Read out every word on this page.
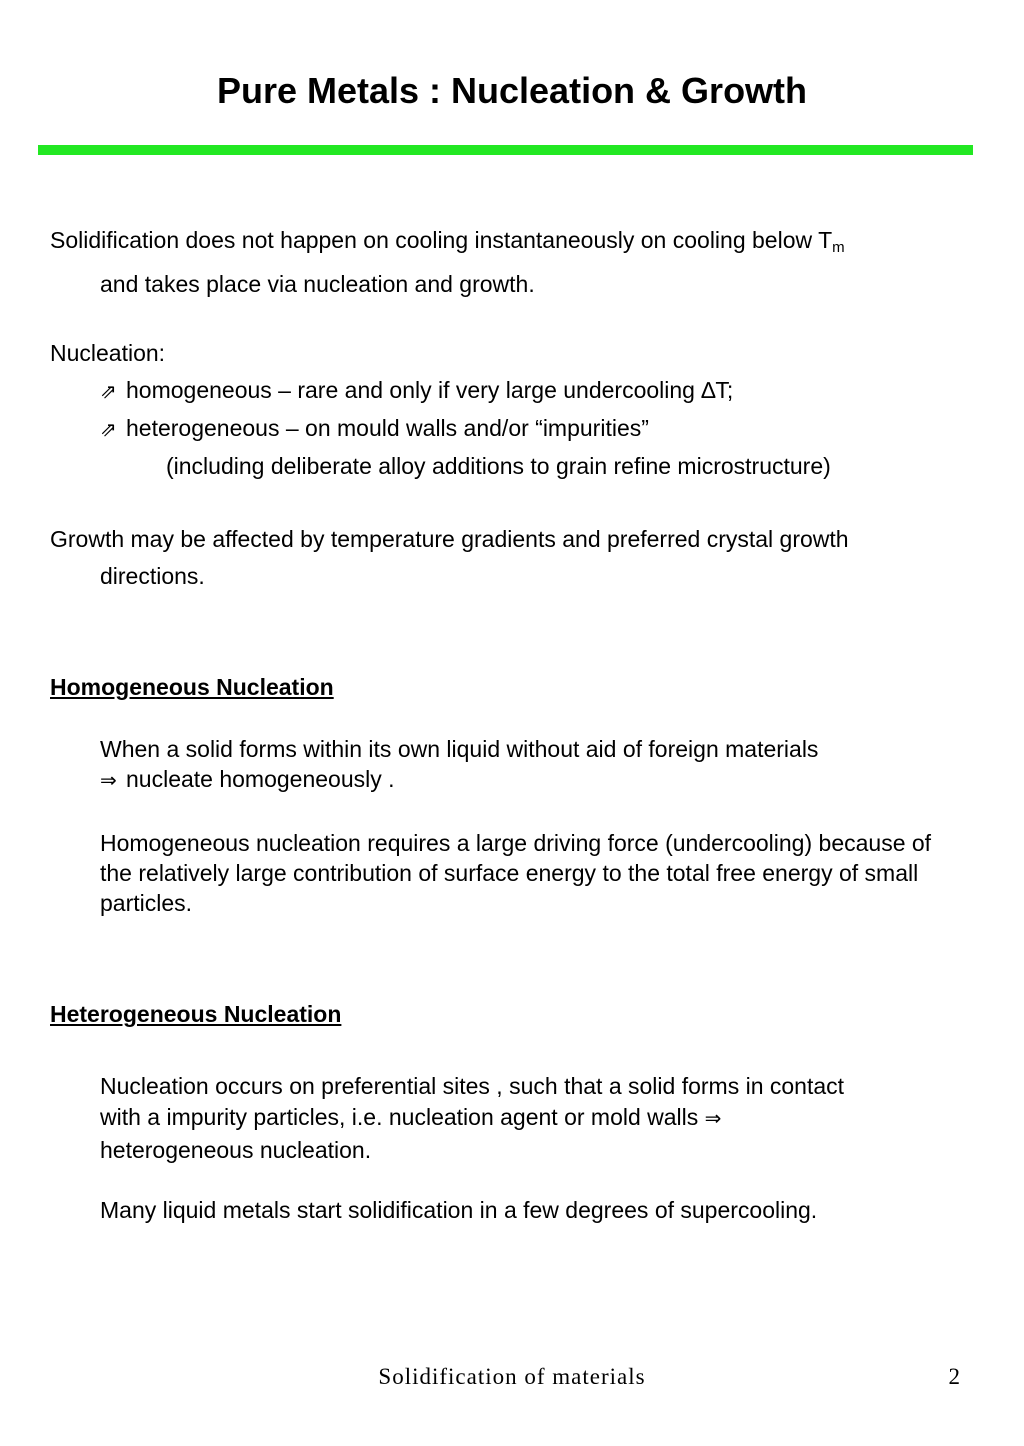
Pure Metals : Nucleation & Growth
Solidification does not happen on cooling instantaneously on cooling below $T_m$
and takes place via nucleation and growth.
Nucleation:
⇗ homogeneous – rare and only if very large undercooling ∆T;
⇗ heterogeneous – on mould walls and/or “impurities”
(including deliberate alloy additions to grain refine microstructure)
Growth may be affected by temperature gradients and preferred crystal growth
directions.
Homogeneous Nucleation
When a solid forms within its own liquid without aid of foreign materials
⇒ nucleate homogeneously .
Homogeneous nucleation requires a large driving force (undercooling) because of the relatively large contribution of surface energy to the total free energy of small particles.
Heterogeneous Nucleation
Nucleation occurs on preferential sites , such that a solid forms in contact
with a impurity particles, i.e. nucleation agent or mold walls ⇒
heterogeneous nucleation.
Many liquid metals start solidification in a few degrees of supercooling.
Solidification of materials	2
